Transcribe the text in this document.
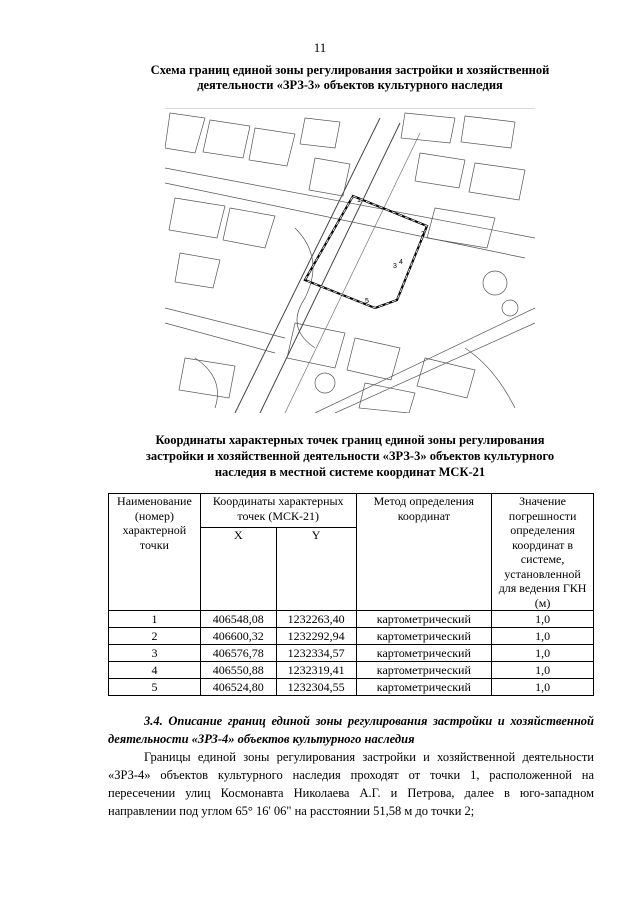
11
Схема границ единой зоны регулирования застройки и хозяйственной
деятельности «ЗРЗ-3» объектов культурного наследия
1
2
3
4
5
Координаты характерных точек границ единой зоны регулирования
застройки и хозяйственной деятельности «ЗРЗ-3» объектов культурного
наследия в местной системе координат МСК-21
Наименование (номер) характерной точки	Координаты характерных точек (МСК-21)		Метод определения координат	Значение погрешности определения координат в системе, установленной для ведения ГКН (м)
	X	Y		
1	406548,08	1232263,40	картометрический	1,0
2	406600,32	1232292,94	картометрический	1,0
3	406576,78	1232334,57	картометрический	1,0
4	406550,88	1232319,41	картометрический	1,0
5	406524,80	1232304,55	картометрический	1,0

3.4. Описание границ единой зоны регулирования застройки и хозяйственной деятельности «ЗРЗ-4» объектов культурного наследия

Границы единой зоны регулирования застройки и хозяйственной деятельности «ЗРЗ-4» объектов культурного наследия проходят от точки 1, расположенной на пересечении улиц Космонавта Николаева А.Г. и Петрова, далее в юго-западном направлении под углом 65° 16' 06" на расстоянии 51,58 м до точки 2;
